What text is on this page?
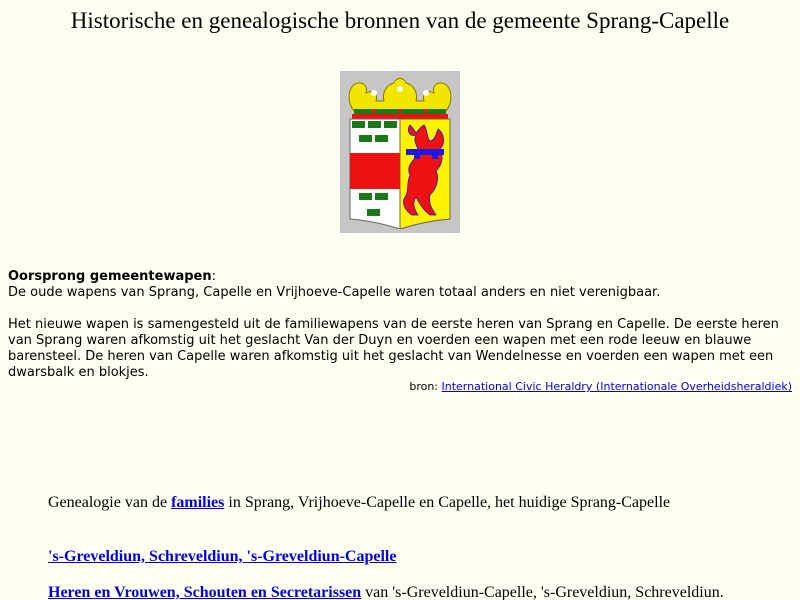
Historische en genealogische bronnen van de gemeente Sprang-Capelle

Oorsprong gemeentewapen:
De oude wapens van Sprang, Capelle en Vrijhoeve-Capelle waren totaal anders en niet verenigbaar.

Het nieuwe wapen is samengesteld uit de familiewapens van de eerste heren van Sprang en Capelle. De eerste heren van Sprang waren afkomstig uit het geslacht Van der Duyn en voerden een wapen met een rode leeuw en blauwe barensteel. De heren van Capelle waren afkomstig uit het geslacht van Wendelnesse en voerden een wapen met een dwarsbalk en blokjes.

bron: International Civic Heraldry (Internationale Overheidsheraldiek)
Genealogie van de families in Sprang, Vrijhoeve-Capelle en Capelle, het huidige Sprang-Capelle
's-Greveldiun, Schreveldiun, 's-Greveldiun-Capelle
Heren en Vrouwen, Schouten en Secretarissen van 's-Greveldiun-Capelle, 's-Greveldiun, Schreveldiun.
